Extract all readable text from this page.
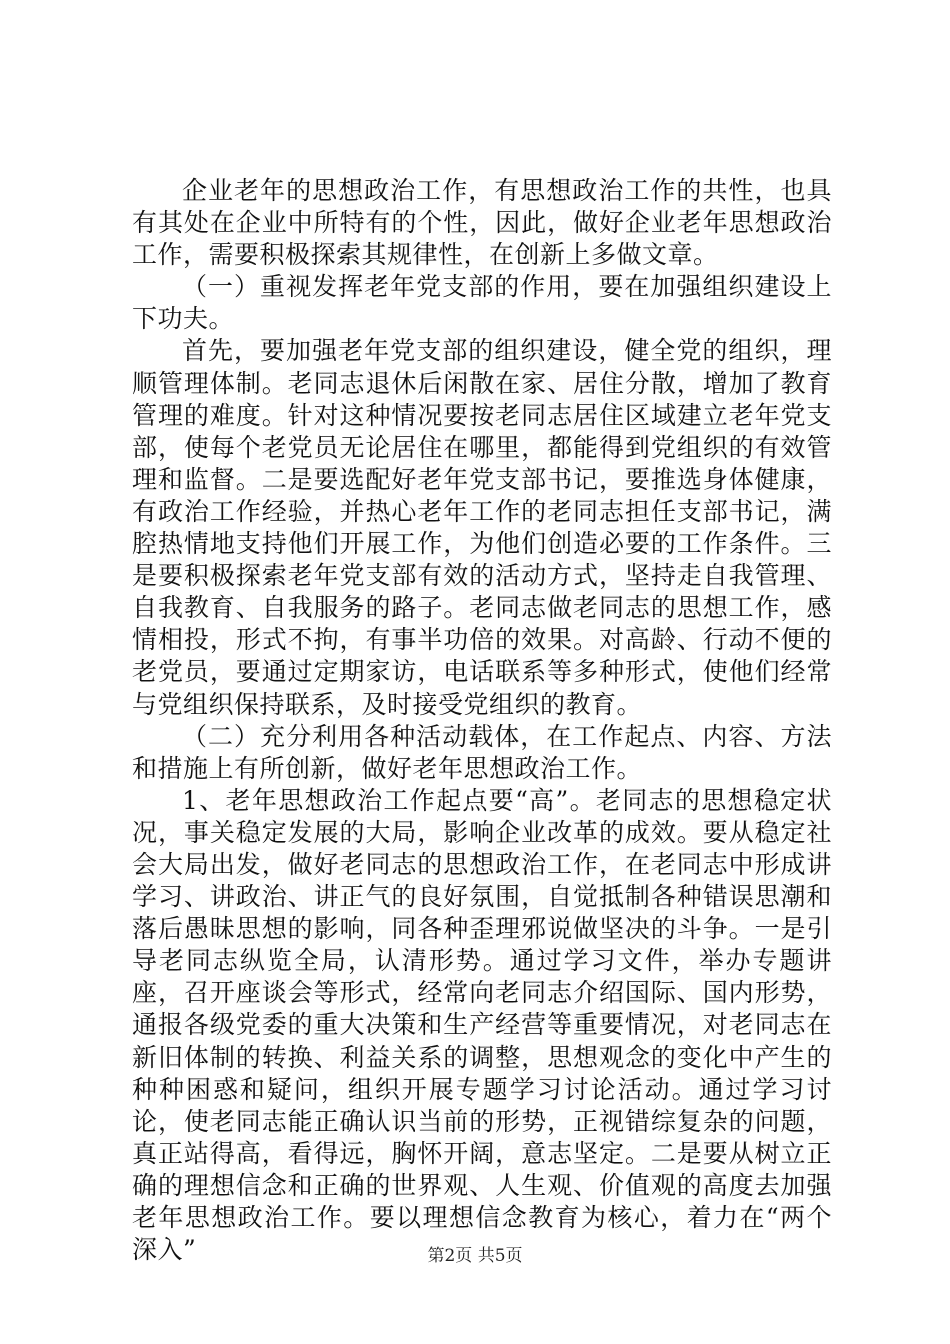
企业老年的思想政治工作，有思想政治工作的共性，也具有其处在企业中所特有的个性，因此，做好企业老年思想政治工作，需要积极探索其规律性，在创新上多做文章。

（一）重视发挥老年党支部的作用，要在加强组织建设上下功夫。

首先，要加强老年党支部的组织建设，健全党的组织，理顺管理体制。老同志退休后闲散在家、居住分散，增加了教育管理的难度。针对这种情况要按老同志居住区域建立老年党支部，使每个老党员无论居住在哪里，都能得到党组织的有效管理和监督。二是要选配好老年党支部书记，要推选身体健康，有政治工作经验，并热心老年工作的老同志担任支部书记，满腔热情地支持他们开展工作，为他们创造必要的工作条件。三是要积极探索老年党支部有效的活动方式，坚持走自我管理、自我教育、自我服务的路子。老同志做老同志的思想工作，感情相投，形式不拘，有事半功倍的效果。对高龄、行动不便的老党员，要通过定期家访，电话联系等多种形式，使他们经常与党组织保持联系，及时接受党组织的教育。

（二）充分利用各种活动载体，在工作起点、内容、方法和措施上有所创新，做好老年思想政治工作。

1、老年思想政治工作起点要“高”。老同志的思想稳定状况，事关稳定发展的大局，影响企业改革的成效。要从稳定社会大局出发，做好老同志的思想政治工作，在老同志中形成讲学习、讲政治、讲正气的良好氛围，自觉抵制各种错误思潮和落后愚昧思想的影响，同各种歪理邪说做坚决的斗争。一是引导老同志纵览全局，认清形势。通过学习文件，举办专题讲座，召开座谈会等形式，经常向老同志介绍国际、国内形势，通报各级党委的重大决策和生产经营等重要情况，对老同志在新旧体制的转换、利益关系的调整，思想观念的变化中产生的种种困惑和疑问，组织开展专题学习讨论活动。通过学习讨论，使老同志能正确认识当前的形势，正视错综复杂的问题，真正站得高，看得远，胸怀开阔，意志坚定。二是要从树立正确的理想信念和正确的世界观、人生观、价值观的高度去加强老年思想政治工作。要以理想信念教育为核心，着力在“两个深入”	第2页 共5页
